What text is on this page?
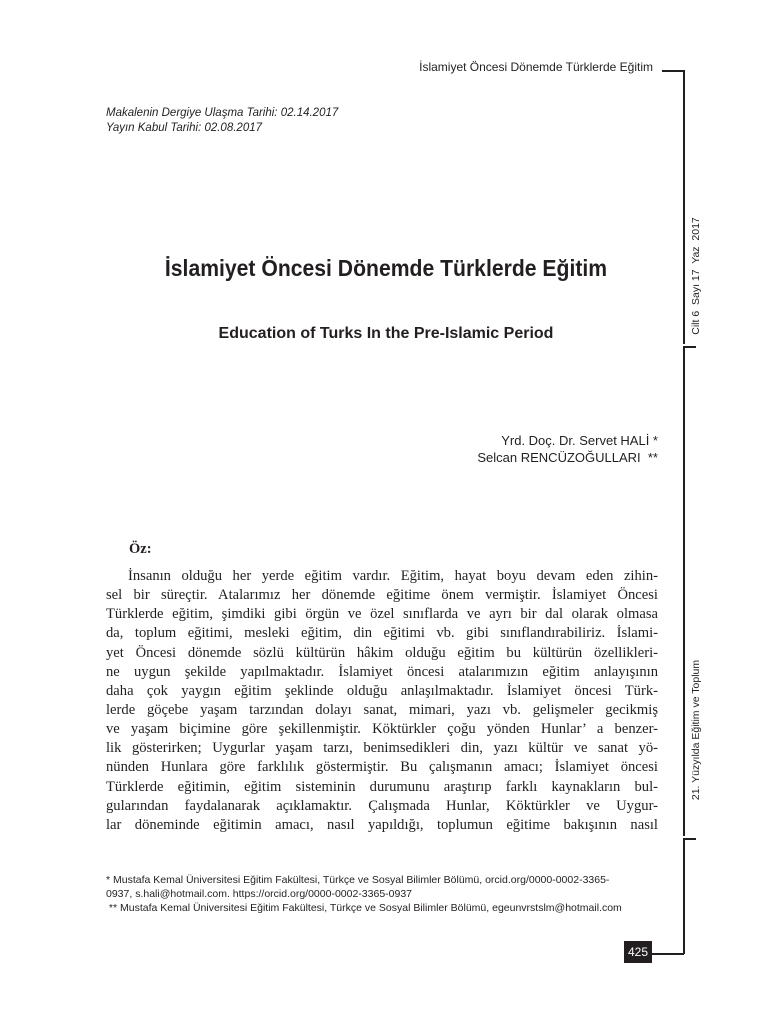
İslamiyet Öncesi Dönemde Türklerde Eğitim
Makalenin Dergiye Ulaşma Tarihi: 02.14.2017
Yayın Kabul Tarihi: 02.08.2017
İslamiyet Öncesi Dönemde Türklerde Eğitim
Education of Turks In the Pre-Islamic Period
Yrd. Doç. Dr. Servet HALİ *
Selcan RENCÜZOĞULLARI  **
Öz:
İnsanın olduğu her yerde eğitim vardır. Eğitim, hayat boyu devam eden zihin-
sel bir süreçtir. Atalarımız her dönemde eğitime önem vermiştir. İslamiyet Öncesi
Türklerde eğitim, şimdiki gibi örgün ve özel sınıflarda ve ayrı bir dal olarak olmasa
da, toplum eğitimi, mesleki eğitim, din eğitimi vb. gibi sınıflandırabiliriz. İslami-
yet Öncesi dönemde sözlü kültürün hâkim olduğu eğitim bu kültürün özellikleri-
ne uygun şekilde yapılmaktadır. İslamiyet öncesi atalarımızın eğitim anlayışının
daha çok yaygın eğitim şeklinde olduğu anlaşılmaktadır. İslamiyet öncesi Türk-
lerde göçebe yaşam tarzından dolayı sanat, mimari, yazı vb. gelişmeler gecikmiş
ve yaşam biçimine göre şekillenmiştir. Köktürkler çoğu yönden Hunlar’ a benzer-
lik gösterirken; Uygurlar yaşam tarzı, benimsedikleri din, yazı kültür ve sanat yö-
nünden Hunlara göre farklılık göstermiştir. Bu çalışmanın amacı; İslamiyet öncesi
Türklerde eğitimin, eğitim sisteminin durumunu araştırıp farklı kaynakların bul-
gularından faydalanarak açıklamaktır. Çalışmada Hunlar, Köktürkler ve Uygur-
lar döneminde eğitimin amacı, nasıl yapıldığı, toplumun eğitime bakışının nasıl
* Mustafa Kemal Üniversitesi Eğitim Fakültesi, Türkçe ve Sosyal Bilimler Bölümü, orcid.org/0000-0002-3365-
0937, s.hali@hotmail.com. https://orcid.org/0000-0002-3365-0937
** Mustafa Kemal Üniversitesi Eğitim Fakültesi, Türkçe ve Sosyal Bilimler Bölümü, egeunvrstslm@hotmail.com
425
Cilt 6  Sayı 17  Yaz  2017
21. Yüzyılda Eğitim ve Toplum
